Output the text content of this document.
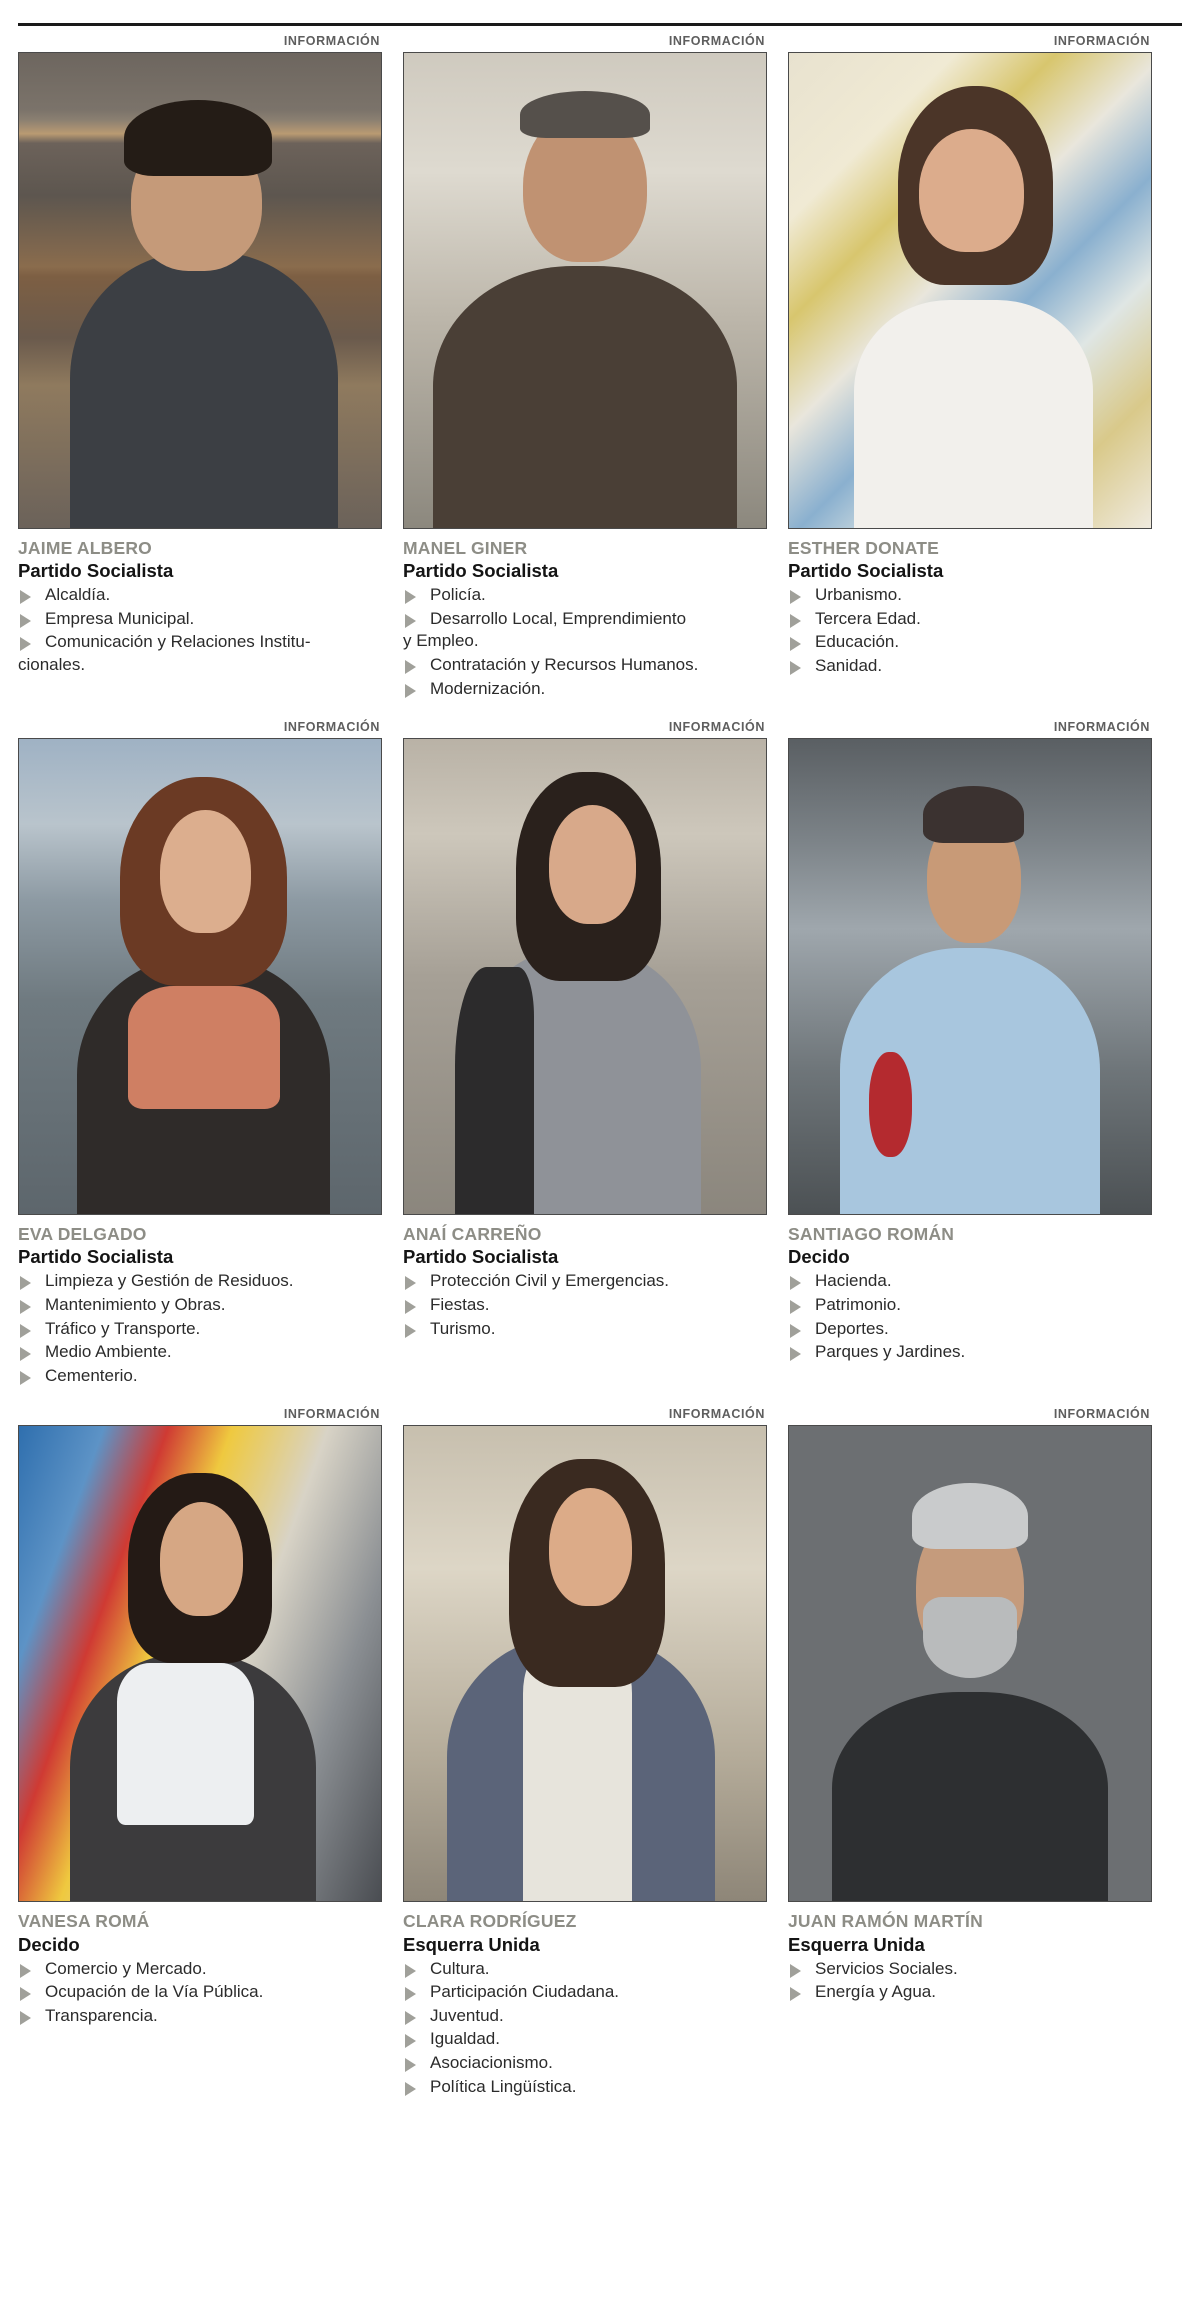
INFORMACIÓN
JAIME ALBERO
Partido Socialista
Alcaldía.
Empresa Municipal.
Comunicación y Relaciones Institu-
cionales.
INFORMACIÓN
MANEL GINER
Partido Socialista
Policía.
Desarrollo Local, Emprendimiento
y Empleo.
Contratación y Recursos Humanos.
Modernización.
INFORMACIÓN
ESTHER DONATE
Partido Socialista
Urbanismo.
Tercera Edad.
Educación.
Sanidad.
INFORMACIÓN
EVA DELGADO
Partido Socialista
Limpieza y Gestión de Residuos.
Mantenimiento y Obras.
Tráfico y Transporte.
Medio Ambiente.
Cementerio.
INFORMACIÓN
ANAÍ CARREÑO
Partido Socialista
Protección Civil y Emergencias.
Fiestas.
Turismo.
INFORMACIÓN
SANTIAGO ROMÁN
Decido
Hacienda.
Patrimonio.
Deportes.
Parques y Jardines.
INFORMACIÓN
VANESA ROMÁ
Decido
Comercio y Mercado.
Ocupación de la Vía Pública.
Transparencia.
INFORMACIÓN
CLARA RODRÍGUEZ
Esquerra Unida
Cultura.
Participación Ciudadana.
Juventud.
Igualdad.
Asociacionismo.
Política Lingüística.
INFORMACIÓN
JUAN RAMÓN MARTÍN
Esquerra Unida
Servicios Sociales.
Energía y Agua.
